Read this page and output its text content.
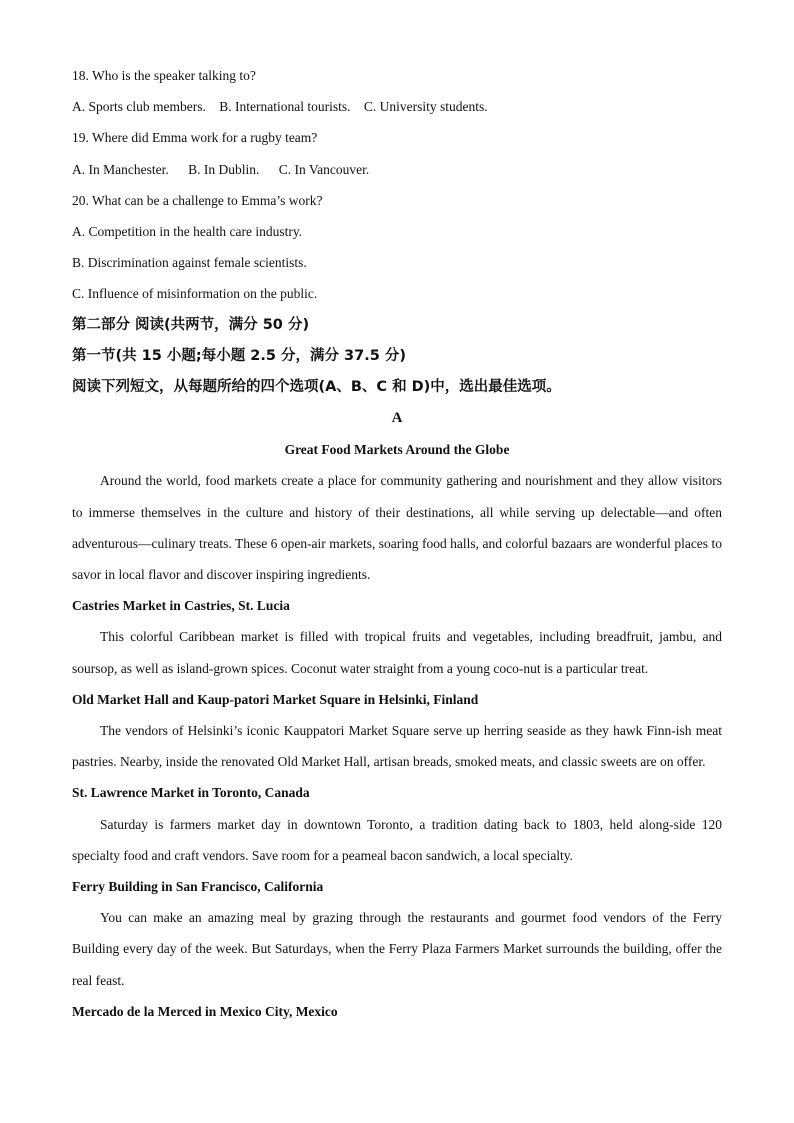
18. Who is the speaker talking to?
A. Sports club members. B. International tourists. C. University students.
19. Where did Emma work for a rugby team?
A. In Manchester. B. In Dublin. C. In Vancouver.
20. What can be a challenge to Emma’s work?
A. Competition in the health care industry.
B. Discrimination against female scientists.
C. Influence of misinformation on the public.
第二部分 阅读(共两节，满分 50 分)
第一节(共 15 小题;每小题 2.5 分，满分 37.5 分)
阅读下列短文，从每题所给的四个选项(A、B、C 和 D)中，选出最佳选项。
A
Great Food Markets Around the Globe
Around the world, food markets create a place for community gathering and nourishment and they allow visitors to immerse themselves in the culture and history of their destinations, all while serving up delectable—and often adventurous—culinary treats. These 6 open-air markets, soaring food halls, and colorful bazaars are wonderful places to savor in local flavor and discover inspiring ingredients.
Castries Market in Castries, St. Lucia
This colorful Caribbean market is filled with tropical fruits and vegetables, including breadfruit, jambu, and soursop, as well as island-grown spices. Coconut water straight from a young coco-nut is a particular treat.
Old Market Hall and Kaup-patori Market Square in Helsinki, Finland
The vendors of Helsinki’s iconic Kauppatori Market Square serve up herring seaside as they hawk Finn-ish meat pastries. Nearby, inside the renovated Old Market Hall, artisan breads, smoked meats, and classic sweets are on offer.
St. Lawrence Market in Toronto, Canada
Saturday is farmers market day in downtown Toronto, a tradition dating back to 1803, held along-side 120 specialty food and craft vendors. Save room for a peameal bacon sandwich, a local specialty.
Ferry Building in San Francisco, California
You can make an amazing meal by grazing through the restaurants and gourmet food vendors of the Ferry Building every day of the week. But Saturdays, when the Ferry Plaza Farmers Market surrounds the building, offer the real feast.
Mercado de la Merced in Mexico City, Mexico
